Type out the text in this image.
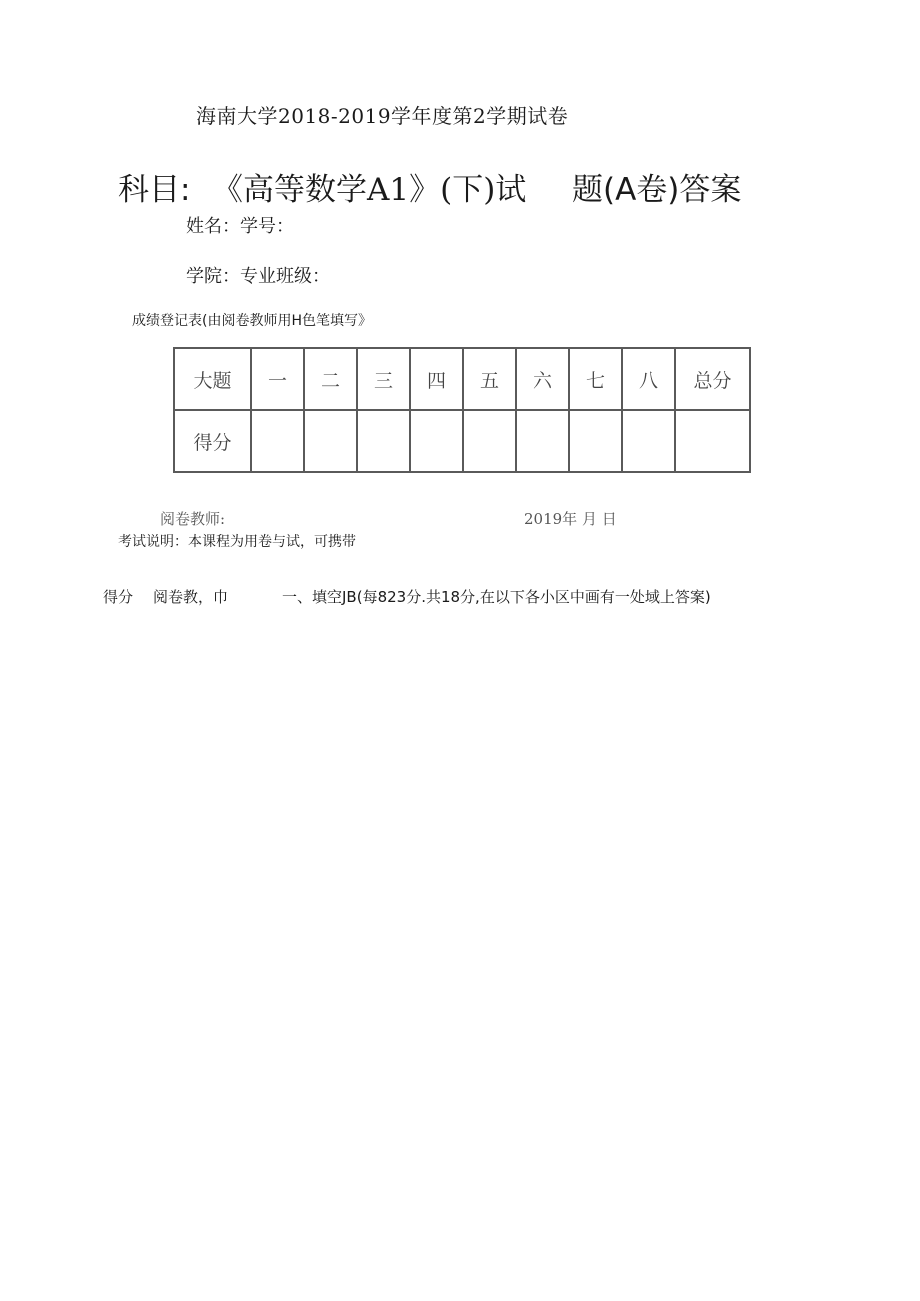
海南大学2018-2019学年度第2学期试卷
科目: 《高等数学A1》(下)试 题(A卷)答案
姓名：学号：
学院：专业班级：
成绩登记表(由阅卷教师用H色笔填写》
大题	一	二	三	四	五	六	七	八	总分
得分									
阅卷教师:	2019年 月 日
考试说明：本课程为用卷与试，可携带
得分 阅卷教，巾	一、填空JB(每823分.共18分,在以下各小区中画有一处域上答案)
